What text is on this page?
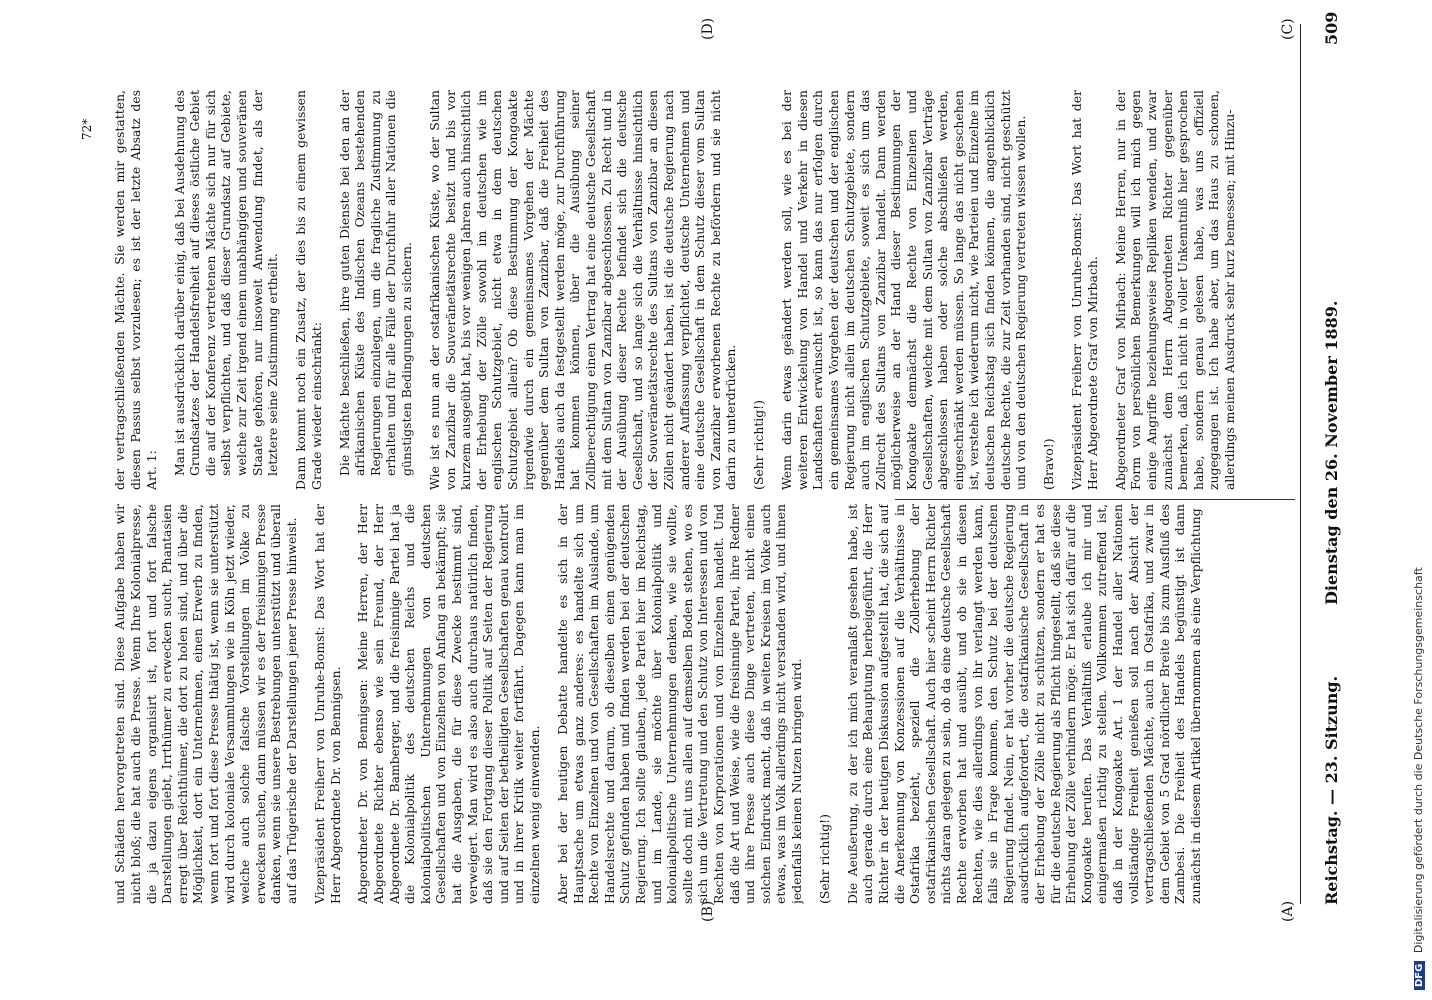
Reichstag. — 23. Sitzung.
Dienstag den 26. November 1889.
509
(A)
(B)
(C)
(D)

und Schäden hervorgetreten sind. Diese Aufgabe haben wir nicht bloß; die hat auch die Presse. Wenn Ihre Kolonialpresse, die ja dazu eigens organisirt ist, fort und fort falsche Darstellungen giebt, Irrthümer zu erwecken sucht, Phantasien erregt über Reichthümer, die dort zu holen sind, und über die Möglichkeit, dort ein Unternehmen, einen Erwerb zu finden, wenn fort und fort diese Presse thätig ist, wenn sie unterstützt wird durch koloniale Versammlungen wie in Köln jetzt wieder, welche auch solche falsche Vorstellungen im Volke zu erwecken suchen, dann müssen wir es der freisinnigen Presse danken, wenn sie unsere Bestrebungen unterstützt und überall auf das Trügerische der Darstellungen jener Presse hinweist. Vizepräsident Freiherr von Unruhe-Bomst: Das Wort hat der Herr Abgeordnete Dr. von Bennigsen. Abgeordneter Dr. von Bennigsen: Meine Herren, der Herr Abgeordnete Richter ebenso wie sein Freund, der Herr Abgeordnete Dr. Bamberger, und die freisinnige Partei hat ja die Kolonialpolitik des deutschen Reichs und die kolonialpolitischen Unternehmungen von deutschen Gesellschaften und von Einzelnen von Anfang an bekämpft; sie hat die Ausgaben, die für diese Zwecke bestimmt sind, verweigert. Man wird es also auch durchaus natürlich finden, daß sie den Fortgang dieser Politik auf Seiten der Regierung und auf Seiten der betheiligten Gesellschaften genau kontrolirt und in ihrer Kritik weiter fortfährt. Dagegen kann man im einzelnen wenig einwenden. Aber bei der heutigen Debatte handelte es sich in der Hauptsache um etwas ganz anderes: es handelte sich um Rechte von Einzelnen und von Gesellschaften im Auslande, um Handelsrechte und darum, ob dieselben einen genügenden Schutz gefunden haben und finden werden bei der deutschen Regierung. Ich sollte glauben, jede Partei hier im Reichstag, und im Lande, sie möchte über Kolonialpolitik und kolonialpolitische Unternehmungen denken, wie sie wollte, sollte doch mit uns allen auf demselben Boden stehen, wo es sich um die Vertretung und den Schutz von Interessen und von Rechten von Korporationen und von Einzelnen handelt. Und daß die Art und Weise, wie die freisinnige Partei, ihre Redner und ihre Presse auch diese Dinge vertreten, nicht einen solchen Eindruck macht, daß in weiten Kreisen im Volke auch etwas, was im Volk allerdings nicht verstanden wird, und ihnen jedenfalls keinen Nutzen bringen wird. (Sehr richtig!) Die Aeußerung, zu der ich mich veranlaßt gesehen habe, ist auch gerade durch eine Behauptung herbeigeführt, die Herr Richter in der heutigen Diskussion aufgestellt hat, die sich auf die Anerkennung von Konzessionen auf die Verhältnisse in Ostafrika bezieht, speziell die Zollerhebung der ostafrikanischen Gesellschaft. Auch hier scheint Herrn Richter nichts daran gelegen zu sein, ob da eine deutsche Gesellschaft Rechte erworben hat und ausübt, und ob sie in diesen Rechten, wie dies allerdings von ihr verlangt werden kann, falls sie in Frage kommen, den Schutz bei der deutschen Regierung findet. Nein, er hat vorher die deutsche Regierung ausdrücklich aufgefordert, die ostafrikanische Gesellschaft in der Erhebung der Zölle nicht zu schützen, sondern er hat es für die deutsche Regierung als Pflicht hingestellt, daß sie diese Erhebung der Zölle verhindern möge. Er hat sich dafür auf die Kongoakte berufen. Das Verhältniß erlaube ich mir und einigermaßen richtig zu stellen. Vollkommen zutreffend ist, daß in der Kongoakte Art. 1 der Handel aller Nationen vollständige Freiheit genießen soll nach der Absicht der vertragschließenden Mächte, auch in Ostafrika, und zwar in dem Gebiet von 5 Grad nördlicher Breite bis zum Ausfluß des Zambesi. Die Freiheit des Handels begünstigt ist dann zunächst in diesem Artikel übernommen als eine Verpflichtung

der vertragschließenden Mächte. Sie werden mir gestatten, diesen Passus selbst vorzulesen; es ist der letzte Absatz des Art. 1: Man ist ausdrücklich darüber einig, daß bei Ausdehnung des Grundsatzes der Handelsfreiheit auf dieses östliche Gebiet die auf der Konferenz vertretenen Mächte sich nur für sich selbst verpflichten, und daß dieser Grundsatz auf Gebiete, welche zur Zeit irgend einem unabhängigen und souveränen Staate gehören, nur insoweit Anwendung findet, als der letztere seine Zustimmung ertheilt. Dann kommt noch ein Zusatz, der dies bis zu einem gewissen Grade wieder einschränkt: Die Mächte beschließen, ihre guten Dienste bei den an der afrikanischen Küste des Indischen Ozeans bestehenden Regierungen einzulegen, um die fragliche Zustimmung zu erhalten und für alle Fälle der Durchfuhr aller Nationen die günstigsten Bedingungen zu sichern. Wie ist es nun an der ostafrikanischen Küste, wo der Sultan von Zanzibar die Souveränetätsrechte besitzt und bis vor kurzem ausgeübt hat, bis vor wenigen Jahren auch hinsichtlich der Erhebung der Zölle sowohl im deutschen wie im englischen Schutzgebiet, nicht etwa in dem deutschen Schutzgebiet allein? Ob diese Bestimmung der Kongoakte irgendwie durch ein gemeinsames Vorgehen der Mächte gegenüber dem Sultan von Zanzibar, daß die Freiheit des Handels auch da festgestellt werden möge, zur Durchführung hat kommen können, über die Ausübung seiner Zollberechtigung einen Vertrag hat eine deutsche Gesellschaft mit dem Sultan von Zanzibar abgeschlossen. Zu Recht und in der Ausübung dieser Rechte befindet sich die deutsche Gesellschaft, und so lange sich die Verhältnisse hinsichtlich der Souveränetätsrechte des Sultans von Zanzibar an diesen Zöllen nicht geändert haben, ist die deutsche Regierung nach anderer Auffassung verpflichtet, deutsche Unternehmen und eine deutsche Gesellschaft in dem Schutz dieser vom Sultan von Zanzibar erworbenen Rechte zu befördern und sie nicht darin zu unterdrücken. (Sehr richtig!) Wenn darin etwas geändert werden soll, wie es bei der weiteren Entwickelung von Handel und Verkehr in diesen Landschaften erwünscht ist, so kann das nur erfolgen durch ein gemeinsames Vorgehen der deutschen und der englischen Regierung nicht allein im deutschen Schutzgebiete, sondern auch im englischen Schutzgebiete, soweit es sich um das Zollrecht des Sultans von Zanzibar handelt. Dann werden möglicherweise an der Hand dieser Bestimmungen der Kongoakte demnächst die Rechte von Einzelnen und Gesellschaften, welche mit dem Sultan von Zanzibar Verträge abgeschlossen haben oder solche abschließen werden, eingeschränkt werden müssen. So lange das nicht geschehen ist, verstehe ich wiederum nicht, wie Parteien und Einzelne im deutschen Reichstag sich finden können, die angenblicklich deutsche Rechte, die zur Zeit vorhanden sind, nicht geschützt und von den deutschen Regierung vertreten wissen wollen. (Bravo!) Vizepräsident Freiherr von Unruhe-Bomst: Das Wort hat der Herr Abgeordnete Graf von Mirbach. Abgeordneter Graf von Mirbach: Meine Herren, nur in der Form von persönlichen Bemerkungen will ich mich gegen einige Angriffe beziehungsweise Repliken wenden, und zwar zunächst dem Herrn Abgeordneten Richter gegenüber bemerken, daß ich nicht in voller Unkenntniß hier gesprochen habe, sondern genau gelesen habe, was uns offiziell zugegangen ist. Ich habe aber, um das Haus zu schonen, allerdings meinen Ausdruck sehr kurz bemessen; mit Hinzu-

72*
DFG Digitalisierung gefördert durch die Deutsche Forschungsgemeinschaft
